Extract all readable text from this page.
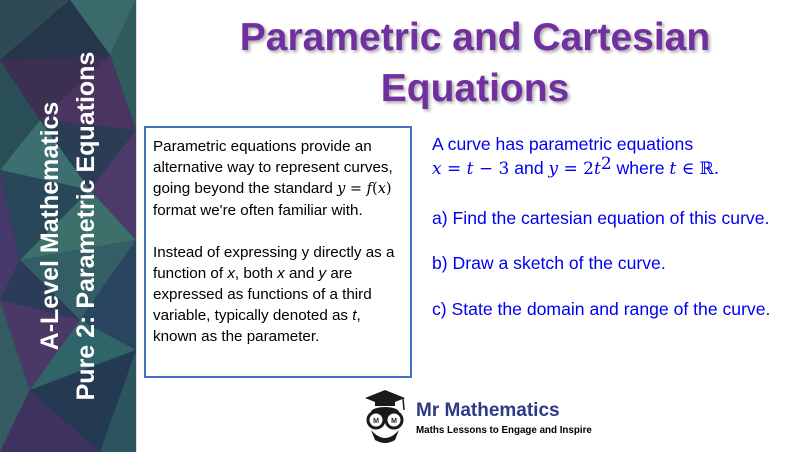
A-Level Mathematics Pure 2: Parametric Equations
Parametric and Cartesian
Equations

Parametric equations provide an alternative way to represent curves, going beyond the standard y = f(x) format we're often familiar with.

Instead of expressing y directly as a function of x, both x and y are expressed as functions of a third variable, typically denoted as t, known as the parameter.

A curve has parametric equations

x = t − 3 and $y = 2t^2$ where t ∈ ℝ.

a) Find the cartesian equation of this curve.

b) Draw a sketch of the curve.

c) State the domain and range of the curve.

M M
Mr Mathematics
Maths Lessons to Engage and Inspire
